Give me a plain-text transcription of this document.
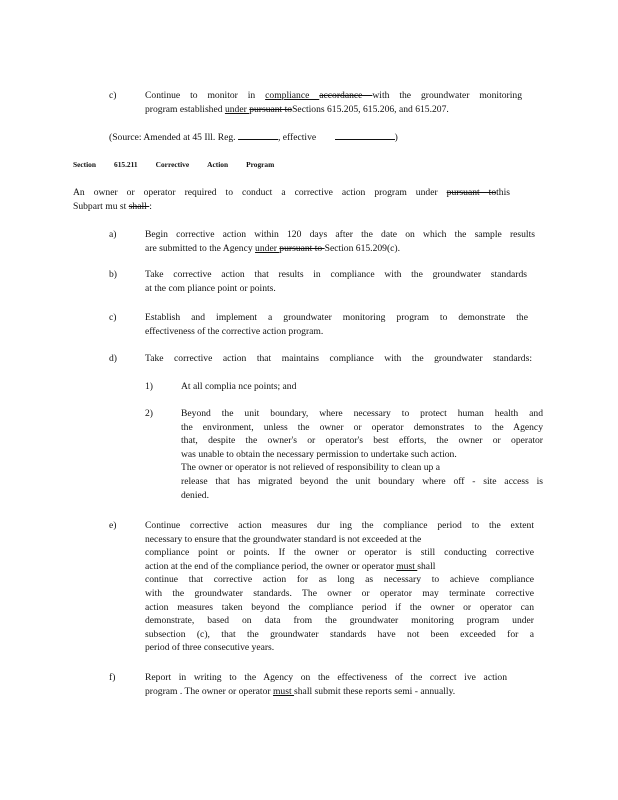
c)	Continue to monitor in compliance accordance with the groundwater monitoring
program established under pursuant toSections 615.205, 615.206, and 615.207.
(Source: Amended at 45 Ill. Reg.	, effective	)
Section 615.211 Corrective Action Program
An owner or operator required to conduct a corrective action program under pursuant tothis
Subpart mu st shall :
a)	Begin corrective action within 120 days after the date on which the sample results
are submitted to the Agency under pursuant to Section 615.209(c).
b)	Take corrective action that results in compliance with the groundwater standards
at the com pliance point or points.
c)	Establish and implement a groundwater monitoring program to demonstrate the
effectiveness of the corrective action program.
d)	Take corrective action that maintains compliance with the groundwater standards:
1)	At all complia nce points; and
2)	Beyond the unit boundary, where necessary to protect human health and
the environment, unless the owner or operator demonstrates to the Agency
that, despite the owner's or operator's best efforts, the owner or operator
was unable to obtain the necessary permission to undertake such action.
The owner or operator is not relieved of responsibility to clean up a
release that has migrated beyond the unit boundary where off - site access is
denied.
e)	Continue corrective action measures dur ing the compliance period to the extent
necessary to ensure that the groundwater standard is not exceeded at the
compliance point or points. If the owner or operator is still conducting corrective
action at the end of the compliance period, the owner or operator must shall
continue that corrective action for as long as necessary to achieve compliance
with the groundwater standards. The owner or operator may terminate corrective
action measures taken beyond the compliance period if the owner or operator can
demonstrate, based on data from the groundwater monitoring program under
subsection (c), that the groundwater standards have not been exceeded for a
period of three consecutive years.
f)	Report in writing to the Agency on the effectiveness of the correct ive action
program . The owner or operator must shall submit these reports semi - annually.
